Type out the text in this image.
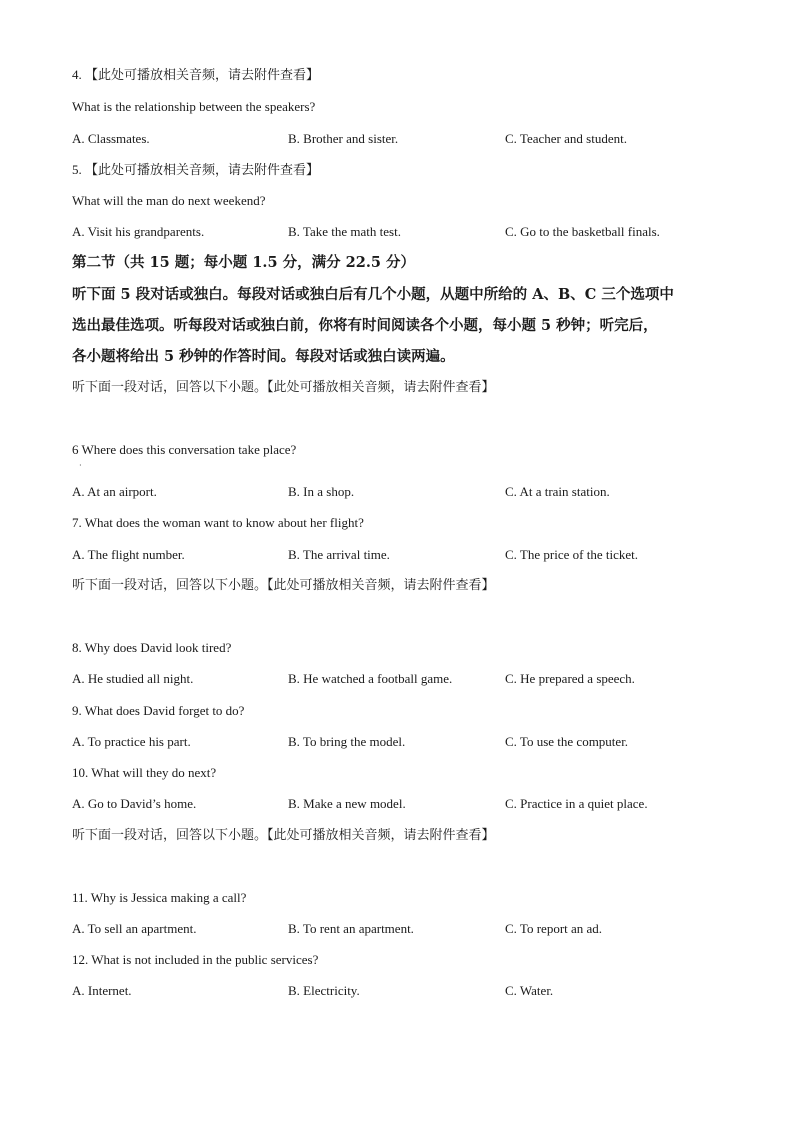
4. 【此处可播放相关音频，请去附件查看】
What is the relationship between the speakers?
A. Classmates.	B. Brother and sister.	C. Teacher and student.
5. 【此处可播放相关音频，请去附件查看】
What will the man do next weekend?
A. Visit his grandparents.	B. Take the math test.	C. Go to the basketball finals.
第二节（共 15 题；每小题 1.5 分，满分 22.5 分）
听下面 5 段对话或独白。每段对话或独白后有几个小题，从题中所给的 A、B、C 三个选项中
选出最佳选项。听每段对话或独白前，你将有时间阅读各个小题，每小题 5 秒钟；听完后，
各小题将给出 5 秒钟的作答时间。每段对话或独白读两遍。
听下面一段对话，回答以下小题。【此处可播放相关音频，请去附件查看】
6 Where does this conversation take place?
·
A. At an airport.	B. In a shop.	C. At a train station.
7. What does the woman want to know about her flight?
A. The flight number.	B. The arrival time.	C. The price of the ticket.
听下面一段对话，回答以下小题。【此处可播放相关音频，请去附件查看】
8. Why does David look tired?
A. He studied all night.	B. He watched a football game.	C. He prepared a speech.
9. What does David forget to do?
A. To practice his part.	B. To bring the model.	C. To use the computer.
10. What will they do next?
A. Go to David’s home.	B. Make a new model.	C. Practice in a quiet place.
听下面一段对话，回答以下小题。【此处可播放相关音频，请去附件查看】
11. Why is Jessica making a call?
A. To sell an apartment.	B. To rent an apartment.	C. To report an ad.
12. What is not included in the public services?
A. Internet.	B. Electricity.	C. Water.
